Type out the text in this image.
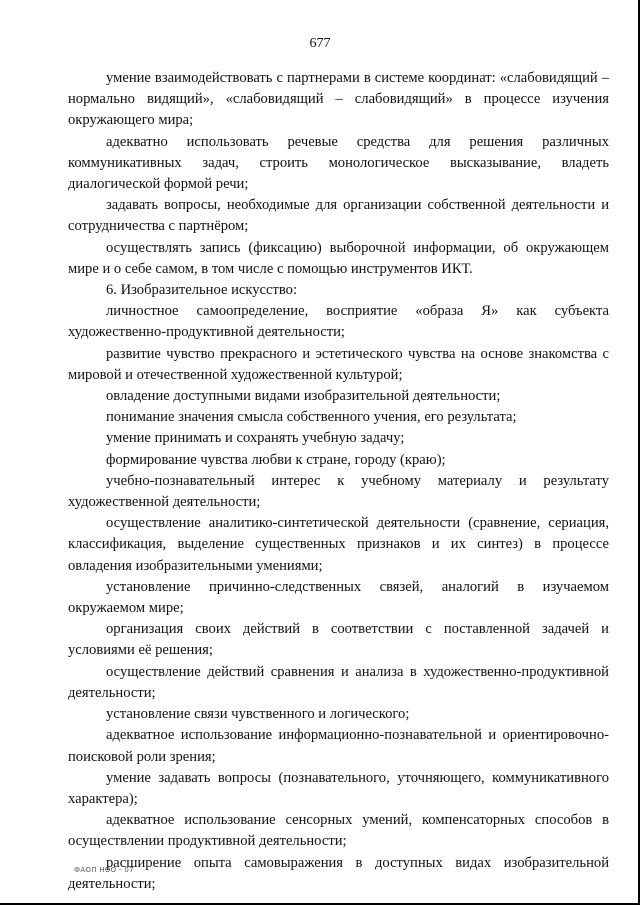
677

умение взаимодействовать с партнерами в системе координат: «слабовидящий – нормально видящий», «слабовидящий – слабовидящий» в процессе изучения окружающего мира;

адекватно использовать речевые средства для решения различных коммуникативных задач, строить монологическое высказывание, владеть диалогической формой речи;

задавать вопросы, необходимые для организации собственной деятельности и сотрудничества с партнёром;

осуществлять запись (фиксацию) выборочной информации, об окружающем мире и о себе самом, в том числе с помощью инструментов ИКТ.

6. Изобразительное искусство:

личностное самоопределение, восприятие «образа Я» как субъекта художественно-продуктивной деятельности;

развитие чувство прекрасного и эстетического чувства на основе знакомства с мировой и отечественной художественной культурой;

овладение доступными видами изобразительной деятельности;

понимание значения смысла собственного учения, его результата;

умение принимать и сохранять учебную задачу;

формирование чувства любви к стране, городу (краю);

учебно-познавательный интерес к учебному материалу и результату художественной деятельности;

осуществление аналитико-синтетической деятельности (сравнение, сериация, классификация, выделение существенных признаков и их синтез) в процессе овладения изобразительными умениями;

установление причинно-следственных связей, аналогий в изучаемом окружаемом мире;

организация своих действий в соответствии с поставленной задачей и условиями её решения;

осуществление действий сравнения и анализа в художественно-продуктивной деятельности;

установление связи чувственного и логического;

адекватное использование информационно-познавательной и ориентировочно-поисковой роли зрения;

умение задавать вопросы (познавательного, уточняющего, коммуникативного характера);

адекватное использование сенсорных умений, компенсаторных способов в осуществлении продуктивной деятельности;

расширение опыта самовыражения в доступных видах изобразительной деятельности;

ФАОП НОО - 07
